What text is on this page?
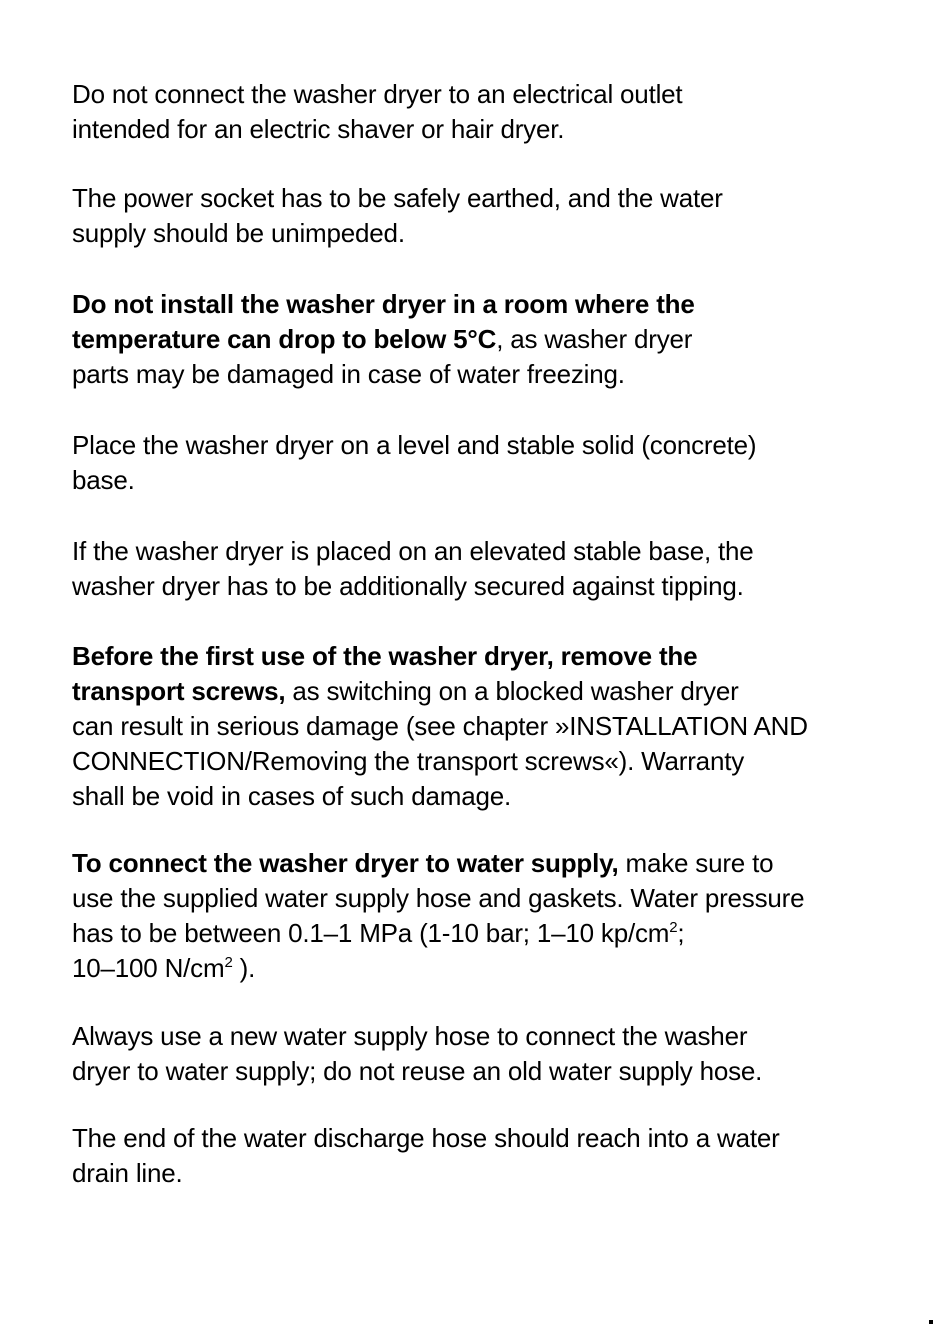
Do not connect the washer dryer to an electrical outlet
intended for an electric shaver or hair dryer.

The power socket has to be safely earthed, and the water
supply should be unimpeded.

Do not install the washer dryer in a room where the
temperature can drop to below 5°C, as washer dryer
parts may be damaged in case of water freezing.

Place the washer dryer on a level and stable solid (concrete)
base.

If the washer dryer is placed on an elevated stable base, the
washer dryer has to be additionally secured against tipping.

Before the first use of the washer dryer, remove the
transport screws, as switching on a blocked washer dryer
can result in serious damage (see chapter »INSTALLATION AND
CONNECTION/Removing the transport screws«). Warranty
shall be void in cases of such damage.

To connect the washer dryer to water supply, make sure to
use the supplied water supply hose and gaskets. Water pressure
has to be between 0.1–1 MPa (1-10 bar; 1–10 $kp/cm^2$;
10–100 $N/cm^2$ ).

Always use a new water supply hose to connect the washer
dryer to water supply; do not reuse an old water supply hose.

The end of the water discharge hose should reach into a water
drain line.
